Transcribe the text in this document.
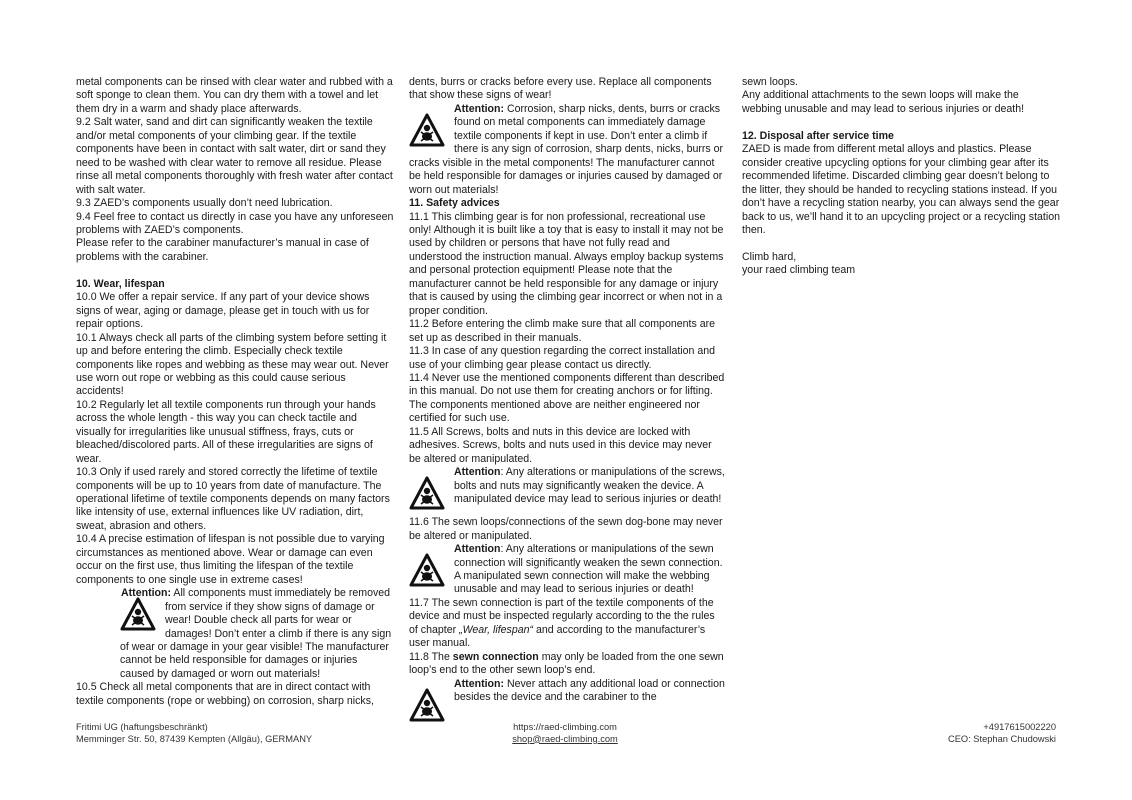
metal components can be rinsed with clear water and rubbed with a soft sponge to clean them. You can dry them with a towel and let them dry in a warm and shady place afterwards.

9.2 Salt water, sand and dirt can significantly weaken the textile and/or metal components of your climbing gear. If the textile components have been in contact with salt water, dirt or sand they need to be washed with clear water to remove all residue. Please rinse all metal components thoroughly with fresh water after contact with salt water.

9.3 ZAED’s components usually don’t need lubrication.

9.4 Feel free to contact us directly in case you have any unforeseen problems with ZAED’s components.

Please refer to the carabiner manufacturer’s manual in case of problems with the carabiner.

10. Wear, lifespan

10.0 We offer a repair service. If any part of your device shows signs of wear, aging or damage, please get in touch with us for repair options.

10.1 Always check all parts of the climbing system before setting it up and before entering the climb. Especially check textile components like ropes and webbing as these may wear out. Never use worn out rope or webbing as this could cause serious accidents!

10.2 Regularly let all textile components run through your hands across the whole length - this way you can check tactile and visually for irregularities like unusual stiffness, frays, cuts or bleached/discolored parts. All of these irregularities are signs of wear.

10.3 Only if used rarely and stored correctly the lifetime of textile components will be up to 10 years from date of manufacture. The operational lifetime of textile components depends on many factors like intensity of use, external influences like UV radiation, dirt, sweat, abrasion and others.

10.4 A precise estimation of lifespan is not possible due to varying circumstances as mentioned above. Wear or damage can even occur on the first use, thus limiting the lifespan of the textile components to one single use in extreme cases!

Attention: All components must immediately be removed from service if they show signs of damage or wear! Double check all parts for wear or damages! Don’t enter a climb if there is any sign of wear or damage in your gear visible! The manufacturer cannot be held responsible for damages or injuries caused by damaged or worn out materials!

10.5 Check all metal components that are in direct contact with textile components (rope or webbing) on corrosion, sharp nicks,

dents, burrs or cracks before every use. Replace all components that show these signs of wear!

Attention: Corrosion, sharp nicks, dents, burrs or cracks found on metal components can immediately damage textile components if kept in use. Don’t enter a climb if there is any sign of corrosion, sharp dents, nicks, burrs or cracks visible in the metal components! The manufacturer cannot be held responsible for damages or injuries caused by damaged or worn out materials!

11. Safety advices

11.1 This climbing gear is for non professional, recreational use only! Although it is built like a toy that is easy to install it may not be used by children or persons that have not fully read and understood the instruction manual. Always employ backup systems and personal protection equipment! Please note that the manufacturer cannot be held responsible for any damage or injury that is caused by using the climbing gear incorrect or when not in a proper condition.

11.2 Before entering the climb make sure that all components are set up as described in their manuals.

11.3 In case of any question regarding the correct installation and use of your climbing gear please contact us directly.

11.4 Never use the mentioned components different than described in this manual. Do not use them for creating anchors or for lifting. The components mentioned above are neither engineered nor certified for such use.

11.5 All Screws, bolts and nuts in this device are locked with adhesives. Screws, bolts and nuts used in this device may never be altered or manipulated.

Attention: Any alterations or manipulations of the screws, bolts and nuts may significantly weaken the device. A manipulated device may lead to serious injuries or death!

11.6 The sewn loops/connections of the sewn dog-bone may never be altered or manipulated.

Attention: Any alterations or manipulations of the sewn connection will significantly weaken the sewn connection. A manipulated sewn connection will make the webbing unusable and may lead to serious injuries or death!

11.7 The sewn connection is part of the textile components of the device and must be inspected regularly according to the the rules of chapter „Wear, lifespan“ and according to the manufacturer’s user manual.

11.8 The sewn connection may only be loaded from the one sewn loop’s end to the other sewn loop’s end.

Attention: Never attach any additional load or connection besides the device and the carabiner to the

sewn loops.

Any additional attachments to the sewn loops will make the webbing unusable and may lead to serious injuries or death!

12. Disposal after service time

ZAED is made from different metal alloys and plastics. Please consider creative upcycling options for your climbing gear after its recommended lifetime. Discarded climbing gear doesn’t belong to the litter, they should be handed to recycling stations instead. If you don’t have a recycling station nearby, you can always send the gear back to us, we’ll hand it to an upcycling project or a recycling station then.

Climb hard,

your raed climbing team

Fritimi UG (haftungsbeschränkt)
Memminger Str. 50, 87439 Kempten (Allgäu), GERMANY
https://raed-climbing.com
shop@raed-climbing.com
+4917615002220
CEO: Stephan Chudowski
